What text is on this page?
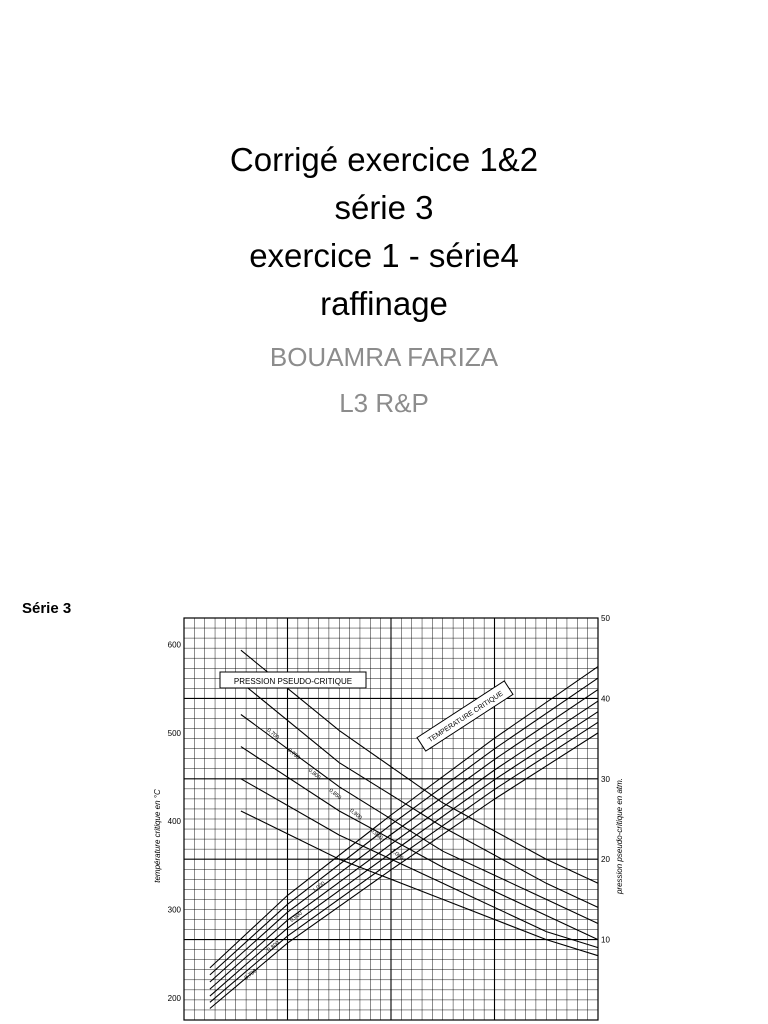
Corrigé exercice 1&2
série 3
exercice 1 - série4
raffinage
BOUAMRA FARIZA
L3 R&P
Série 3
0,700
0,800
0,900
1,000
0,700
0,750
0,800
0,850
0,900
0,950
1,000
200
300
400
500
600
10
20
30
40
50
PRESSION PSEUDO-CRITIQUE
TEMPERATURE CRITIQUE
température critique en °C	pression pseudo-critique en atm.
